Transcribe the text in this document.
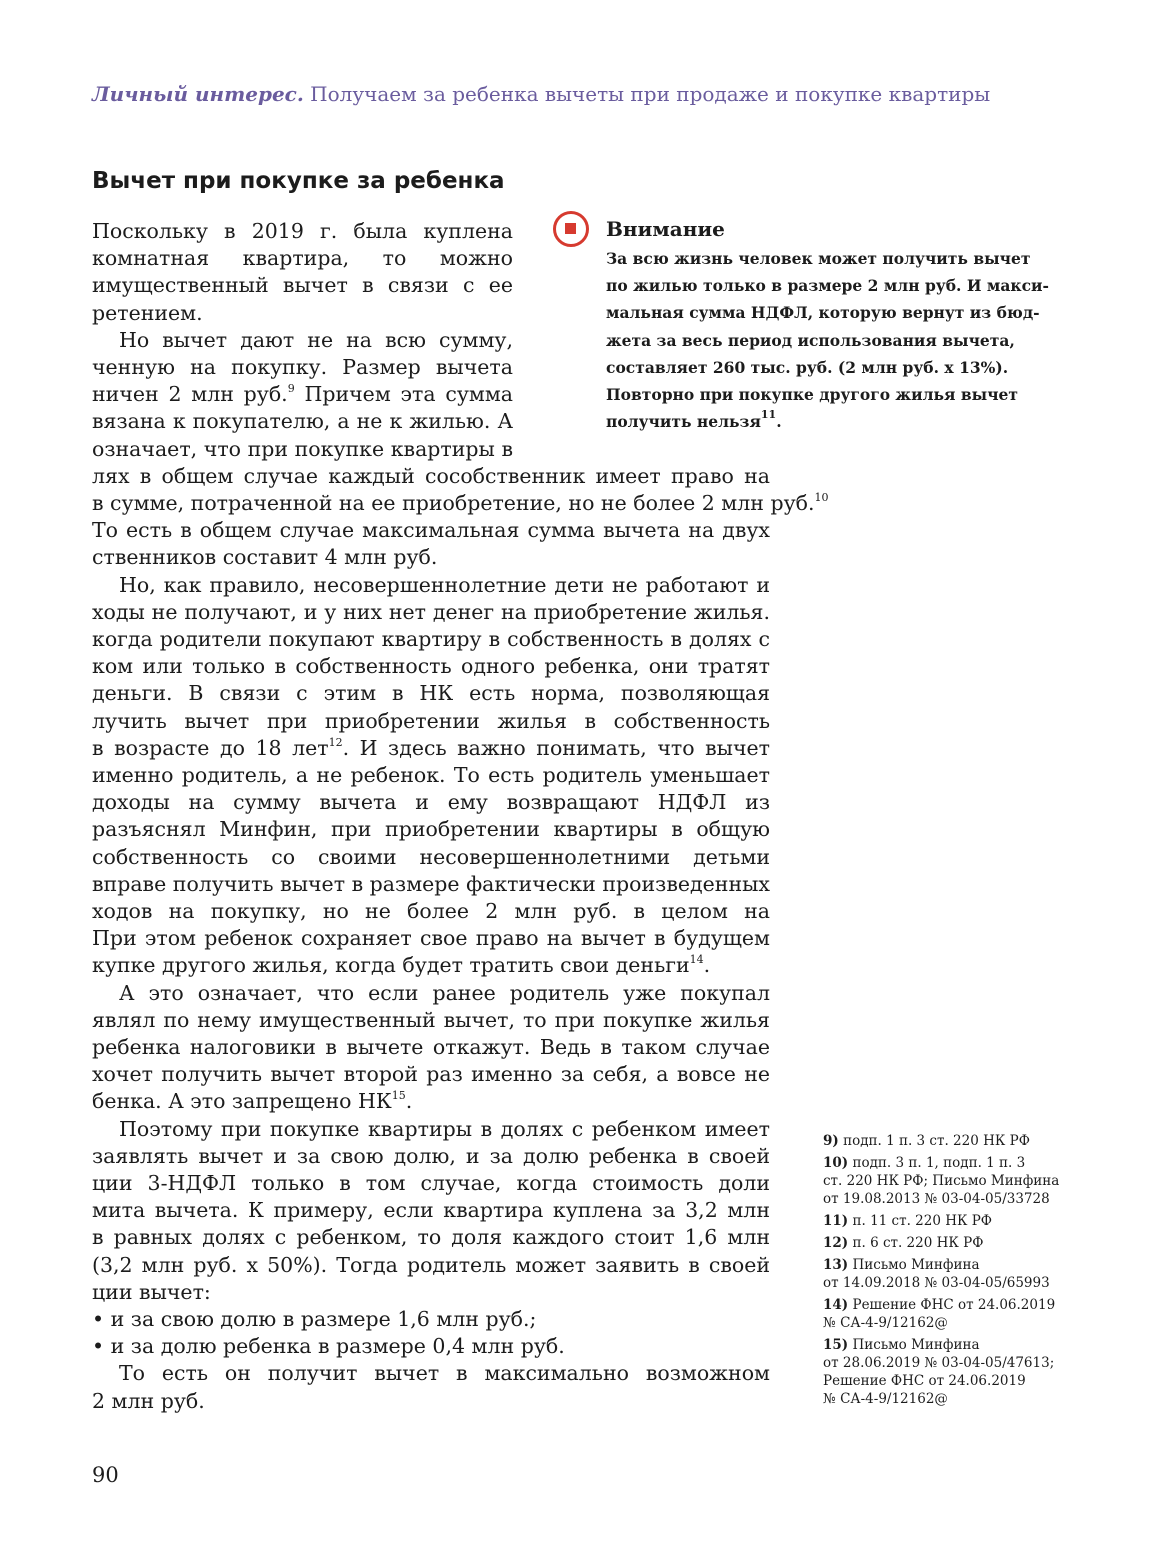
Личный интерес. Получаем за ребенка вычеты при продаже и покупке квартиры
Вычет при покупке за ребенка
Поскольку в 2019 г. была куплена
комнатная квартира, то можно
имущественный вычет в связи с ее
ретением.
Но вычет дают не на всю сумму,
ченную на покупку. Размер вычета
ничен 2 млн руб.$^9$ Причем эта сумма
вязана к покупателю, а не к жилью. А
означает, что при покупке квартиры в
лях в общем случае каждый сособственник имеет право на
в сумме, потраченной на ее приобретение, но не более 2 млн руб.$^{10}$
То есть в общем случае максимальная сумма вычета на двух
ственников составит 4 млн руб.
Но, как правило, несовершеннолетние дети не работают и
ходы не получают, и у них нет денег на приобретение жилья.
когда родители покупают квартиру в собственность в долях с
ком или только в собственность одного ребенка, они тратят
деньги. В связи с этим в НК есть норма, позволяющая
лучить вычет при приобретении жилья в собственность
в возрасте до 18 лет$^{12}$. И здесь важно понимать, что вычет
именно родитель, а не ребенок. То есть родитель уменьшает
доходы на сумму вычета и ему возвращают НДФЛ из
разъяснял Минфин, при приобретении квартиры в общую
собственность со своими несовершеннолетними детьми
вправе получить вычет в размере фактически произведенных
ходов на покупку, но не более 2 млн руб. в целом на
При этом ребенок сохраняет свое право на вычет в будущем
купке другого жилья, когда будет тратить свои деньги$^{14}$.
А это означает, что если ранее родитель уже покупал
являл по нему имущественный вычет, то при покупке жилья
ребенка налоговики в вычете откажут. Ведь в таком случае
хочет получить вычет второй раз именно за себя, а вовсе не
бенка. А это запрещено НК$^{15}$.
Поэтому при покупке квартиры в долях с ребенком имеет
заявлять вычет и за свою долю, и за долю ребенка в своей
ции 3-НДФЛ только в том случае, когда стоимость доли
мита вычета. К примеру, если квартира куплена за 3,2 млн
в равных долях с ребенком, то доля каждого стоит 1,6 млн
(3,2 млн руб. х 50%). Тогда родитель может заявить в своей
ции вычет:
• и за свою долю в размере 1,6 млн руб.;
• и за долю ребенка в размере 0,4 млн руб.
То есть он получит вычет в максимально возможном
2 млн руб.
Внимание
За всю жизнь человек может получить вычет
по жилью только в размере 2 млн руб. И макси-
мальная сумма НДФЛ, которую вернут из бюд-
жета за весь период использования вычета,
составляет 260 тыс. руб. (2 млн руб. х 13%).
Повторно при покупке другого жилья вычет
получить нельзя$^{11}$.
9) подп. 1 п. 3 ст. 220 НК РФ
10) подп. 3 п. 1, подп. 1 п. 3
ст. 220 НК РФ; Письмо Минфина
от 19.08.2013 № 03-04-05/33728
11) п. 11 ст. 220 НК РФ
12) п. 6 ст. 220 НК РФ
13) Письмо Минфина
от 14.09.2018 № 03-04-05/65993
14) Решение ФНС от 24.06.2019
№ СА-4-9/12162@
15) Письмо Минфина
от 28.06.2019 № 03-04-05/47613;
Решение ФНС от 24.06.2019
№ СА-4-9/12162@
90
